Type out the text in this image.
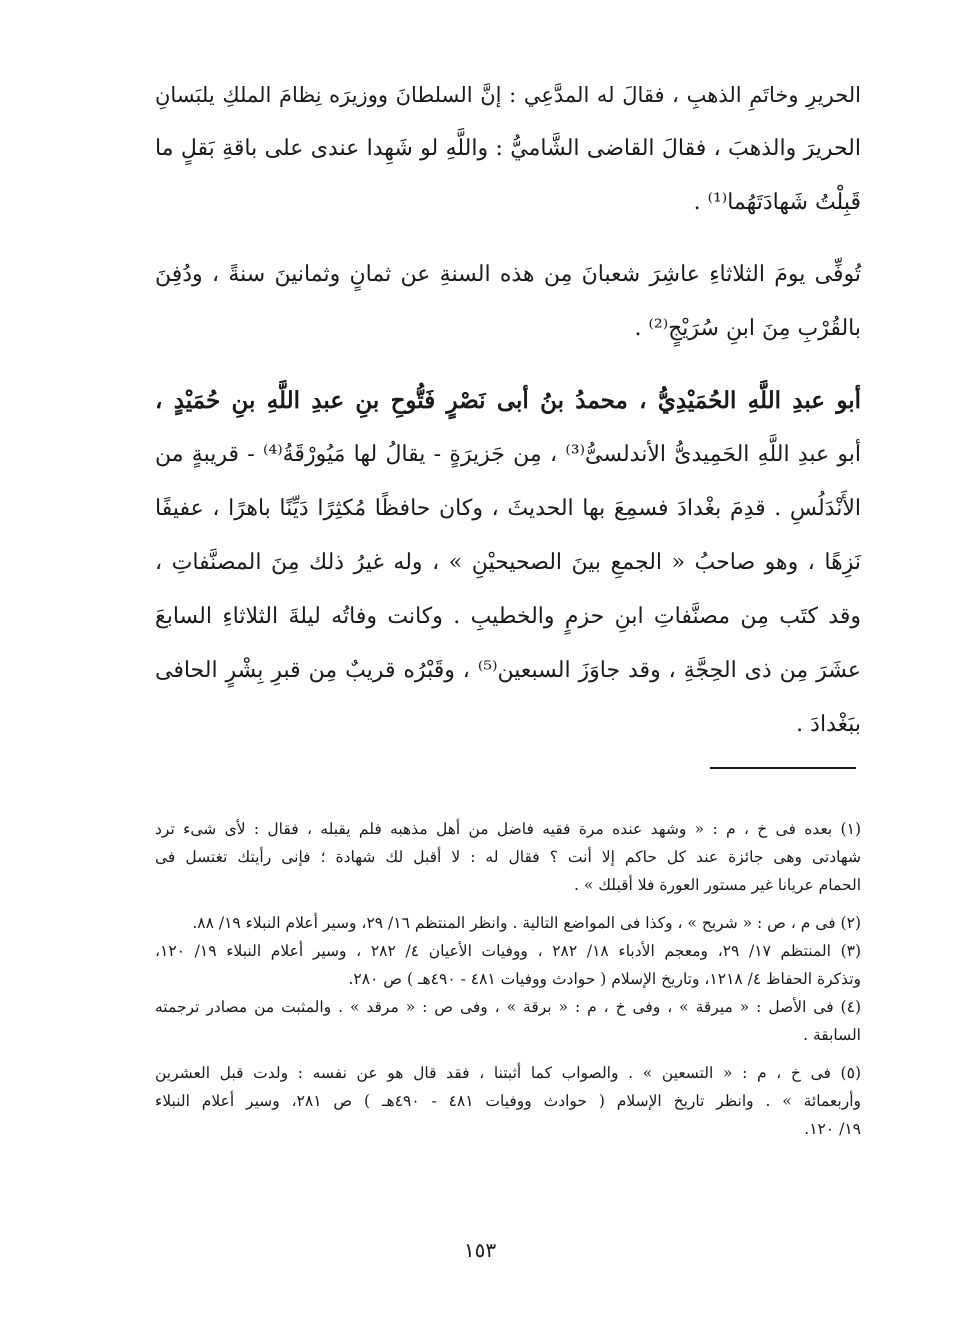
الحريرِ وخاتَمِ الذهبِ ، فقالَ له المدَّعِي : إنَّ السلطانَ ووزيرَه نِظامَ الملكِ يلبَسانِ
الحريرَ والذهبَ ، فقالَ القاضى الشَّاميُّ : واللَّهِ لو شَهِدا عندى على باقةِ بَقلٍ ما
قَبِلْتُ شَهادَتَهُما⁽¹⁾ .
تُوفِّى يومَ الثلاثاءِ عاشِرَ شعبانَ مِن هذه السنةِ عن ثمانٍ وثمانينَ سنةً ، ودُفِنَ
بالقُرْبِ مِنَ ابنِ سُرَيْجٍ⁽²⁾ .
أبو عبدِ اللَّهِ الحُمَيْدِيُّ ، محمدُ بنُ أبى نَصْرٍ فَتُّوحِ بنِ عبدِ اللَّهِ بنِ حُمَيْدٍ ،
أبو عبدِ اللَّهِ الحَمِيدىُّ الأندلسىُّ⁽³⁾ ، مِن جَزيرَةٍ - يقالُ لها مَيُورْقَةُ⁽⁴⁾ - قريبةٍ من
الأَنْدَلُسِ . قدِمَ بغْدادَ فسمِعَ بها الحديثَ ، وكان حافظًا مُكثِرًا دَيِّنًا باهرًا ، عفيفًا
نَزِهًا ، وهو صاحبُ « الجمعِ بينَ الصحيحيْنِ » ، وله غيرُ ذلك مِنَ المصنَّفاتِ ،
وقد كتَب مِن مصنَّفاتِ ابنِ حزمٍ والخطيبِ . وكانت وفاتُه ليلةَ الثلاثاءِ السابعَ
عشَرَ مِن ذى الحِجَّةِ ، وقد جاوَزَ السبعين⁽⁵⁾ ، وقَبْرُه قريبٌ مِن قبرِ بِشْرٍ الحافى
ببَغْدادَ .
(١) بعده فى خ ، م : « وشهد عنده مرة فقيه فاضل من أهل مذهبه فلم يقبله ، فقال : لأى شىء ترد
شهادتى وهى جائزة عند كل حاكم إلا أنت ؟ فقال له : لا أقبل لك شهادة ؛ فإنى رأيتك تغتسل فى
الحمام عريانا غير مستور العورة فلا أقبلك » .
(٢) فى م ، ص : « شريح » ، وكذا فى المواضع التالية . وانظر المنتظم ١٦/ ٢٩، وسير أعلام النبلاء ١٩/ ٨٨.
(٣) المنتظم ١٧/ ٢٩، ومعجم الأدباء ١٨/ ٢٨٢ ، ووفيات الأعيان ٤/ ٢٨٢ ، وسير أعلام النبلاء ١٩/ ١٢٠،
وتذكرة الحفاظ ٤/ ١٢١٨، وتاريخ الإسلام ( حوادث ووفيات ٤٨١ - ٤٩٠هـ ) ص ٢٨٠.
(٤) فى الأصل : « ميرقة » ، وفى خ ، م : « برقة » ، وفى ص : « مرقد » . والمثبت من مصادر ترجمته
السابقة .
(٥) فى خ ، م : « التسعين » . والصواب كما أثبتنا ، فقد قال هو عن نفسه : ولدت قبل العشرين
وأربعمائة » . وانظر تاريخ الإسلام ( حوادث ووفيات ٤٨١ - ٤٩٠هـ ) ص ٢٨١، وسير أعلام النبلاء
١٩/ ١٢٠.
١٥٣
